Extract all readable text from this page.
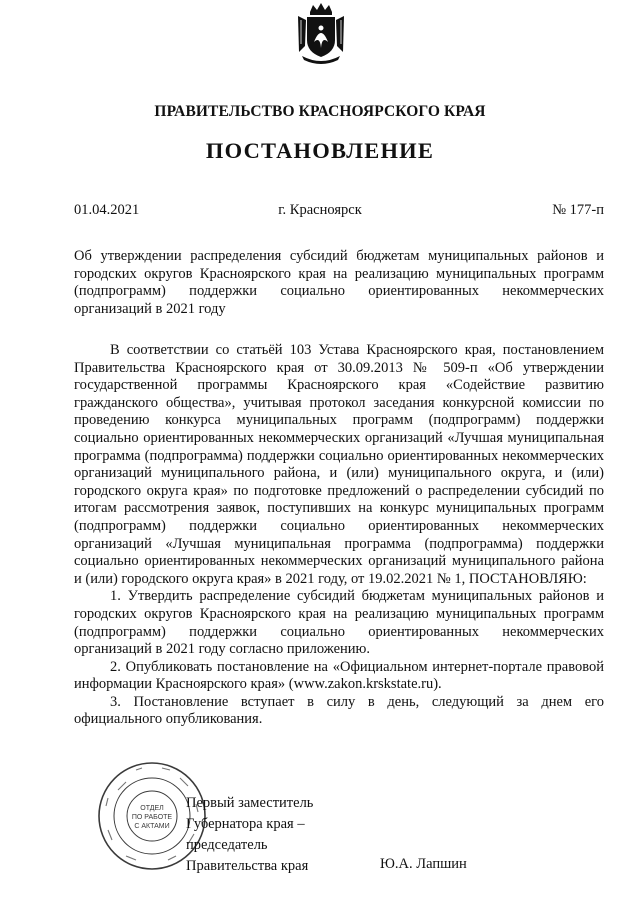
ПРАВИТЕЛЬСТВО КРАСНОЯРСКОГО КРАЯ
ПОСТАНОВЛЕНИЕ
01.04.2021	г. Красноярск	№ 177-п
Об утверждении распределения субсидий бюджетам муниципальных районов и городских округов Красноярского края на реализацию муниципальных программ (подпрограмм) поддержки социально ориентированных некоммерческих организаций в 2021 году

В соответствии со статьёй 103 Устава Красноярского края, постановлением Правительства Красноярского края от 30.09.2013 № 509-п «Об утверждении государственной программы Красноярского края «Содействие развитию гражданского общества», учитывая протокол заседания конкурсной комиссии по проведению конкурса муниципальных программ (подпрограмм) поддержки социально ориентированных некоммерческих организаций «Лучшая муниципальная программа (подпрограмма) поддержки социально ориентированных некоммерческих организаций муниципального района, и (или) муниципального округа, и (или) городского округа края» по подготовке предложений о распределении субсидий по итогам рассмотрения заявок, поступивших на конкурс муниципальных программ (подпрограмм) поддержки социально ориентированных некоммерческих организаций «Лучшая муниципальная программа (подпрограмма) поддержки социально ориентированных некоммерческих организаций муниципального района и (или) городского округа края» в 2021 году, от 19.02.2021 № 1, ПОСТАНОВЛЯЮ:

1. Утвердить распределение субсидий бюджетам муниципальных районов и городских округов Красноярского края на реализацию муниципальных программ (подпрограмм) поддержки социально ориентированных некоммерческих организаций в 2021 году согласно приложению.

2. Опубликовать постановление на «Официальном интернет-портале правовой информации Красноярского края» (www.zakon.krskstate.ru).

3. Постановление вступает в силу в день, следующий за днем его официального опубликования.

ОТДЕЛ
ПО РАБОТЕ
С АКТАМИ
Первый заместитель
Губернатора края –
председатель
Правительства края	Ю.А. Лапшин
